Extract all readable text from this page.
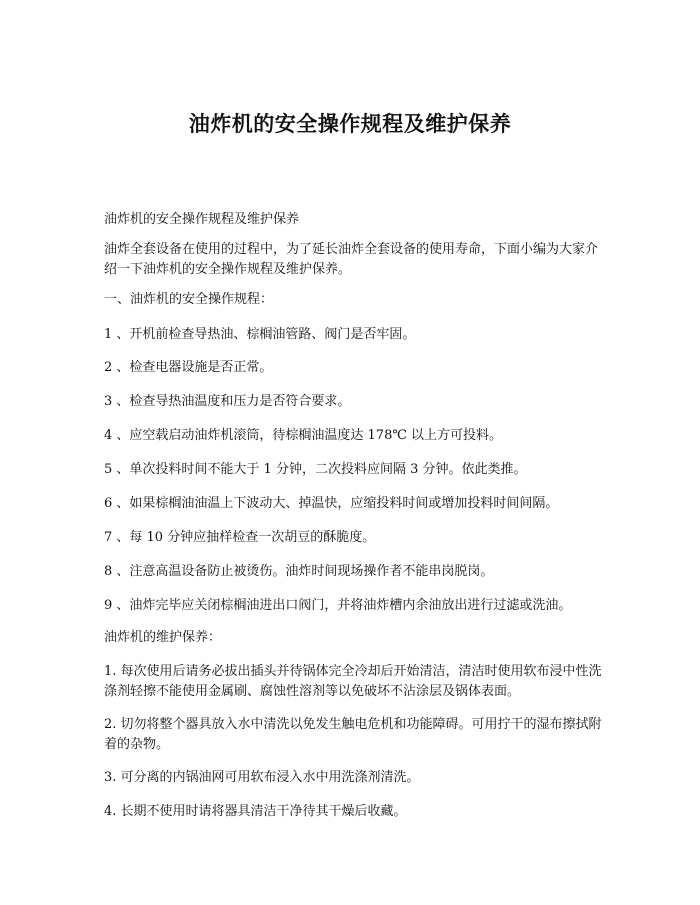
油炸机的安全操作规程及维护保养
油炸机的安全操作规程及维护保养
油炸全套设备在使用的过程中，为了延长油炸全套设备的使用寿命，下面小编为大家介绍一下油炸机的安全操作规程及维护保养。
一、油炸机的安全操作规程：
1 、开机前检查导热油、棕榈油管路、阀门是否牢固。
2 、检查电器设施是否正常。
3 、检查导热油温度和压力是否符合要求。
4 、应空载启动油炸机滚筒，待棕榈油温度达 178℃ 以上方可投料。
5 、单次投料时间不能大于 1 分钟，二次投料应间隔 3 分钟。依此类推。
6 、如果棕榈油油温上下波动大、掉温快，应缩投料时间或增加投料时间间隔。
7 、每 10 分钟应抽样检查一次胡豆的酥脆度。
8 、注意高温设备防止被烫伤。油炸时间现场操作者不能串岗脱岗。
9 、油炸完毕应关闭棕榈油进出口阀门，并将油炸槽内余油放出进行过滤或洗油。
油炸机的维护保养：
1. 每次使用后请务必拔出插头并待锅体完全冷却后开始清洁，清洁时使用软布浸中性洗涤剂轻擦不能使用金属刷、腐蚀性溶剂等以免破坏不沾涂层及锅体表面。
2. 切勿将整个器具放入水中清洗以免发生触电危机和功能障碍。可用拧干的湿布擦拭附着的杂物。
3. 可分离的内锅油网可用软布浸入水中用洗涤剂清洗。
4. 长期不使用时请将器具清洁干净待其干燥后收藏。
